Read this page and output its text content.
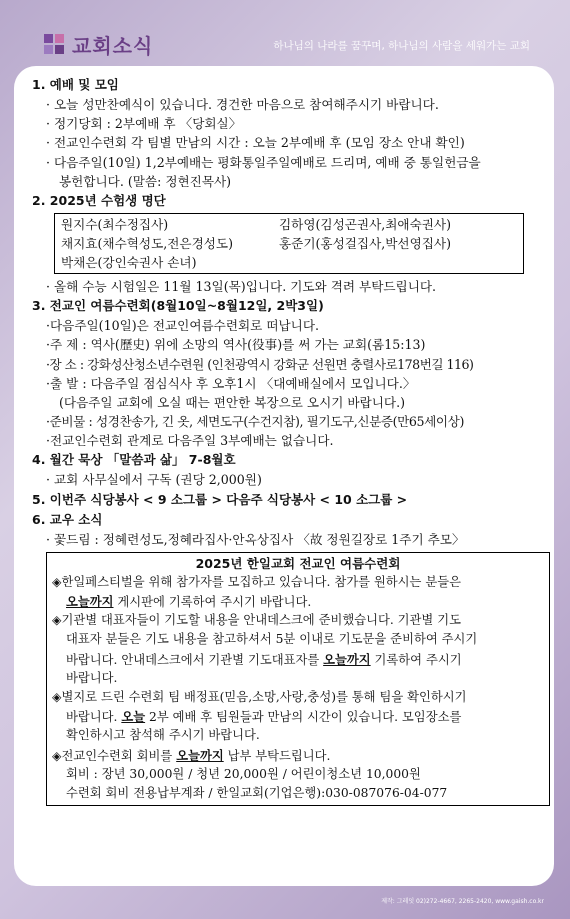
교회소식	하나님의 나라를 꿈꾸며, 하나님의 사람을 세워가는 교회
1. 예배 및 모임
· 오늘 성만찬예식이 있습니다. 경건한 마음으로 참여해주시기 바랍니다.
· 정기당회 : 2부예배 후 〈당회실〉
· 전교인수련회 각 팀별 만남의 시간 : 오늘 2부예배 후 (모임 장소 안내 확인)
· 다음주일(10일) 1,2부예배는 평화통일주일예배로 드리며, 예배 중 통일헌금을
봉헌합니다. (말씀: 정현진목사)
2. 2025년 수험생 명단
원지수(최수정집사)	김하영(김성곤권사,최애숙권사)
채지효(채수혁성도,전은경성도)	홍준기(홍성걸집사,박선영집사)
박채은(강인숙권사 손녀)
· 올해 수능 시험일은 11월 13일(목)입니다. 기도와 격려 부탁드립니다.
3. 전교인 여름수련회(8월10일~8월12일, 2박3일)
·다음주일(10일)은 전교인여름수련회로 떠납니다.
·주 제 : 역사(歷史) 위에 소망의 역사(役事)를 써 가는 교회(롬15:13)
·장 소 : 강화성산청소년수련원 (인천광역시 강화군 선원면 충렬사로178번길 116)
·출 발 : 다음주일 점심식사 후 오후1시 〈대예배실에서 모입니다.〉
(다음주일 교회에 오실 때는 편안한 복장으로 오시기 바랍니다.)
·준비물 : 성경찬송가, 긴 옷, 세면도구(수건지참), 필기도구,신분증(만65세이상)
·전교인수련회 관계로 다음주일 3부예배는 없습니다.
4. 월간 묵상 「말씀과 삶」 7-8월호
· 교회 사무실에서 구독 (권당 2,000원)
5. 이번주 식당봉사 < 9 소그룹 > 다음주 식당봉사 < 10 소그룹 >
6. 교우 소식
· 꽃드림 : 정혜련성도,정혜라집사·안옥상집사 〈故 정원길장로 1주기 추모〉
2025년 한일교회 전교인 여름수련회
◈한일페스티벌을 위해 참가자를 모집하고 있습니다. 참가를 원하시는 분들은
오늘까지 게시판에 기록하여 주시기 바랍니다.
◈기관별 대표자들이 기도할 내용을 안내데스크에 준비했습니다. 기관별 기도
대표자 분들은 기도 내용을 참고하셔서 5분 이내로 기도문을 준비하여 주시기
바랍니다. 안내데스크에서 기관별 기도대표자를 오늘까지 기록하여 주시기
바랍니다.
◈별지로 드린 수련회 팀 배정표(믿음,소망,사랑,충성)를 통해 팀을 확인하시기
바랍니다. 오늘 2부 예배 후 팀원들과 만남의 시간이 있습니다. 모임장소를
확인하시고 참석해 주시기 바랍니다.
◈전교인수련회 회비를 오늘까지 납부 부탁드립니다.
회비 : 장년 30,000원 / 청년 20,000원 / 어린이청소년 10,000원
수련회 회비 전용납부계좌 / 한일교회(기업은행):030-087076-04-077
제작: 그레잇 02)272-4667, 2265-2420, www.gaish.co.kr
